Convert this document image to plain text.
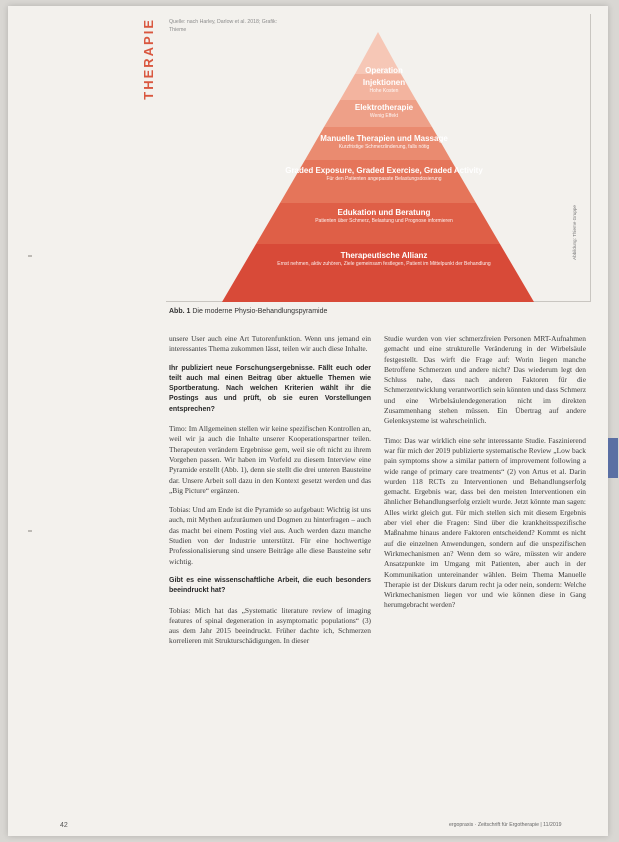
THERAPIE	Quelle: nach Harley, Darlow et al. 2018; Grafik: Thieme
Operation
Injektionen
Hohe Kosten
Elektrotherapie
Wenig Effekt
Manuelle Therapien und Massage
Kurzfristige Schmerzlinderung, falls nötig
Graded Exposure, Graded Exercise, Graded Activity
Für den Patienten angepasste Belastungsdosierung
Edukation und Beratung
Patienten über Schmerz, Belastung und Prognose informieren
Therapeutische Allianz
Ernst nehmen, aktiv zuhören, Ziele gemeinsam festlegen, Patient im Mittelpunkt der Behandlung
Abbildung: Thieme Gruppe
Abb. 1 Die moderne Physio-Behandlungspyramide

unsere User auch eine Art Tutorenfunktion. Wenn uns jemand ein interessantes Thema zukommen lässt, teilen wir auch diese Inhalte.

Ihr publiziert neue Forschungsergebnisse. Fällt euch oder teilt auch mal einen Beitrag über aktuelle Themen wie Sportberatung. Nach welchen Kriterien wählt ihr die Postings aus und prüft, ob sie euren Vorstellungen entsprechen?

Timo: Im Allgemeinen stellen wir keine spezifischen Kontrollen an, weil wir ja auch die Inhalte unserer Kooperationspartner teilen. Therapeuten verändern Ergebnisse gern, weil sie oft nicht zu ihrem Vorgehen passen. Wir haben im Vorfeld zu diesem Interview eine Pyramide erstellt (Abb. 1), denn sie stellt die drei unteren Bausteine dar. Unsere Arbeit soll dazu in den Kontext gesetzt werden und das „Big Picture“ ergänzen.

Tobias: Und am Ende ist die Pyramide so aufgebaut: Wichtig ist uns auch, mit Mythen aufzuräumen und Dogmen zu hinterfragen – auch das macht bei einem Posting viel aus. Auch werden dazu manche Studien von der Industrie unterstützt. Für eine hochwertige Professionalisierung sind unsere Beiträge alle diese Bausteine sehr wichtig.

Gibt es eine wissenschaftliche Arbeit, die euch besonders beeindruckt hat?

Tobias: Mich hat das „Systematic literature review of imaging features of spinal degeneration in asymptomatic populations“ (3) aus dem Jahr 2015 beeindruckt. Früher dachte ich, Schmerzen korrelieren mit Strukturschädigungen. In dieser

Studie wurden von vier schmerzfreien Personen MRT-Aufnahmen gemacht und eine strukturelle Veränderung in der Wirbelsäule festgestellt. Das wirft die Frage auf: Worin liegen manche Betroffene Schmerzen und andere nicht? Das wiederum legt den Schluss nahe, dass nach anderen Faktoren für die Schmerzentwicklung verantwortlich sein könnten und dass Schmerz und eine Wirbelsäulendegeneration nicht im direkten Zusammenhang stehen müssen. Ein Übertrag auf andere Gelenksysteme ist wahrscheinlich.

Timo: Das war wirklich eine sehr interessante Studie. Faszinierend war für mich der 2019 publizierte systematische Review „Low back pain symptoms show a similar pattern of improvement following a wide range of primary care treatments“ (2) von Artus et al. Darin wurden 118 RCTs zu Interventionen und Behandlungserfolg gemacht. Ergebnis war, dass bei den meisten Interventionen ein ähnlicher Behandlungserfolg erzielt wurde. Jetzt könnte man sagen: Alles wirkt gleich gut. Für mich stellen sich mit diesem Ergebnis aber viel eher die Fragen: Sind über die krankheitsspezifische Maßnahme hinaus andere Faktoren entscheidend? Kommt es nicht auf die einzelnen Anwendungen, sondern auf die unspezifischen Wirkmechanismen an? Wenn dem so wäre, müssten wir andere Ansatzpunkte im Umgang mit Patienten, aber auch in der Kommunikation untereinander wählen. Beim Thema Manuelle Therapie ist der Diskurs darum recht ja oder nein, sondern: Welche Wirkmechanismen liegen vor und wie können diese in Gang herumgebracht werden?

42	ergopraxis · Zeitschrift für Ergotherapie | 11/2019
